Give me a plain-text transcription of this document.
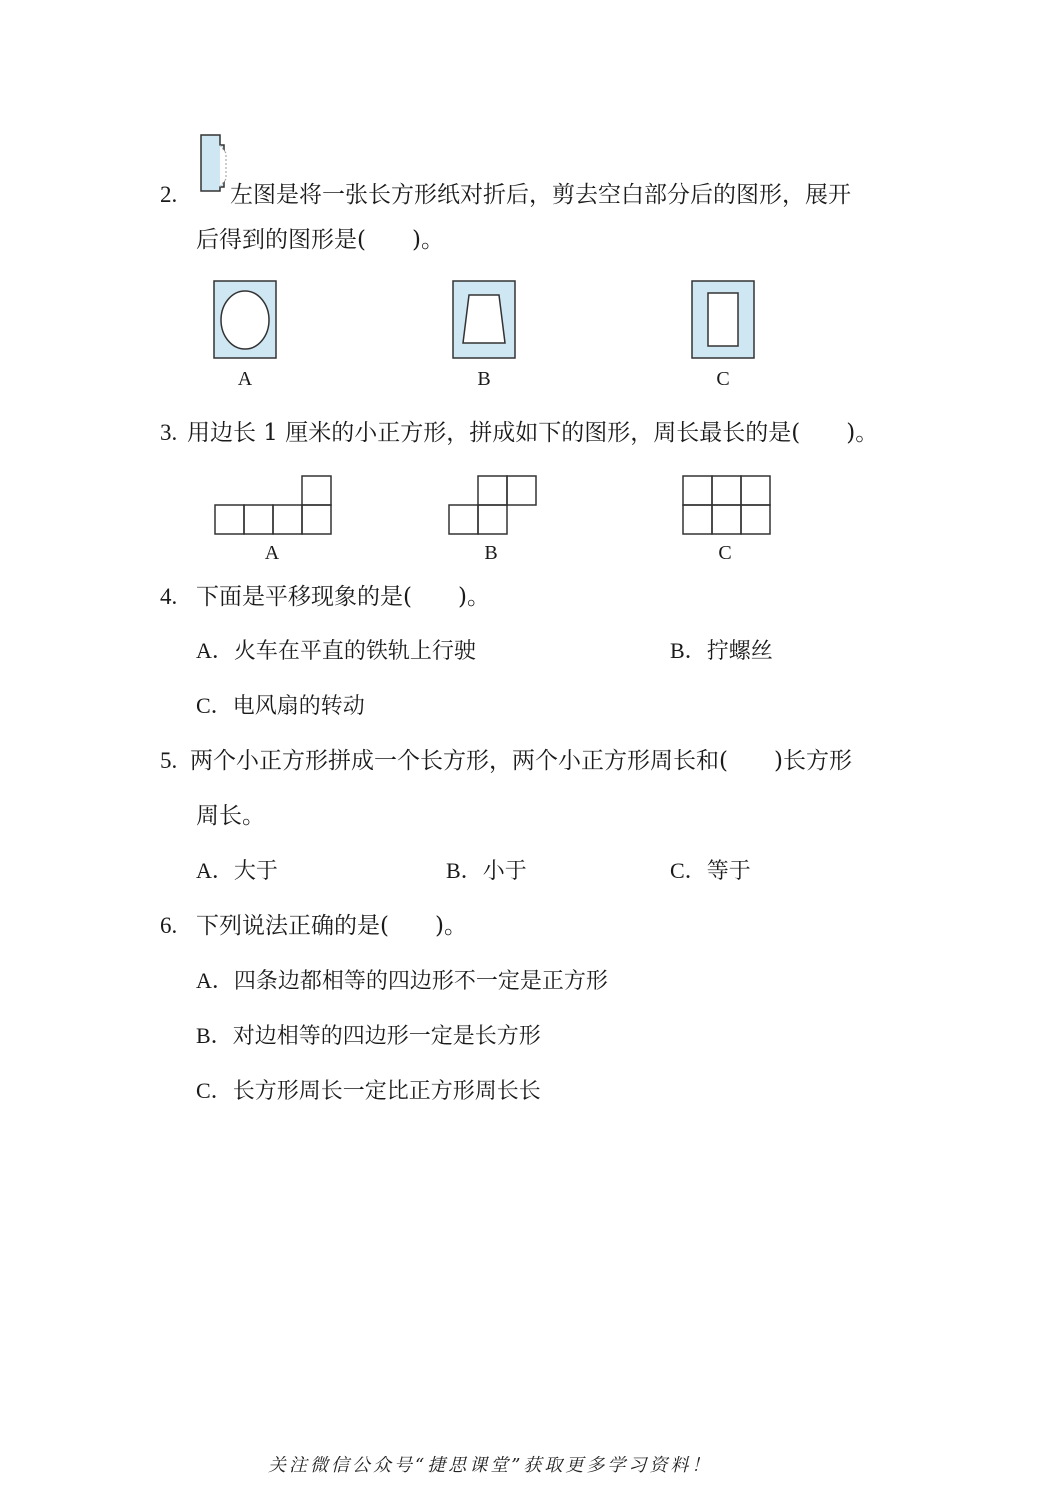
2. 左图是将一张长方形纸对折后，剪去空白部分后的图形，展开
后得到的图形是(　　)。
A	B	C
3. 用边长 1 厘米的小正方形，拼成如下的图形，周长最长的是(　　)。
A	B	C
4. 下面是平移现象的是(　　)。
A．火车在平直的铁轨上行驶	B．拧螺丝
C．电风扇的转动
5. 两个小正方形拼成一个长方形，两个小正方形周长和(　　)长方形
周长。
A．大于	B．小于	C．等于
6. 下列说法正确的是(　　)。
A．四条边都相等的四边形不一定是正方形
B．对边相等的四边形一定是长方形
C．长方形周长一定比正方形周长长
关注微信公众号“捷思课堂”获取更多学习资料！
